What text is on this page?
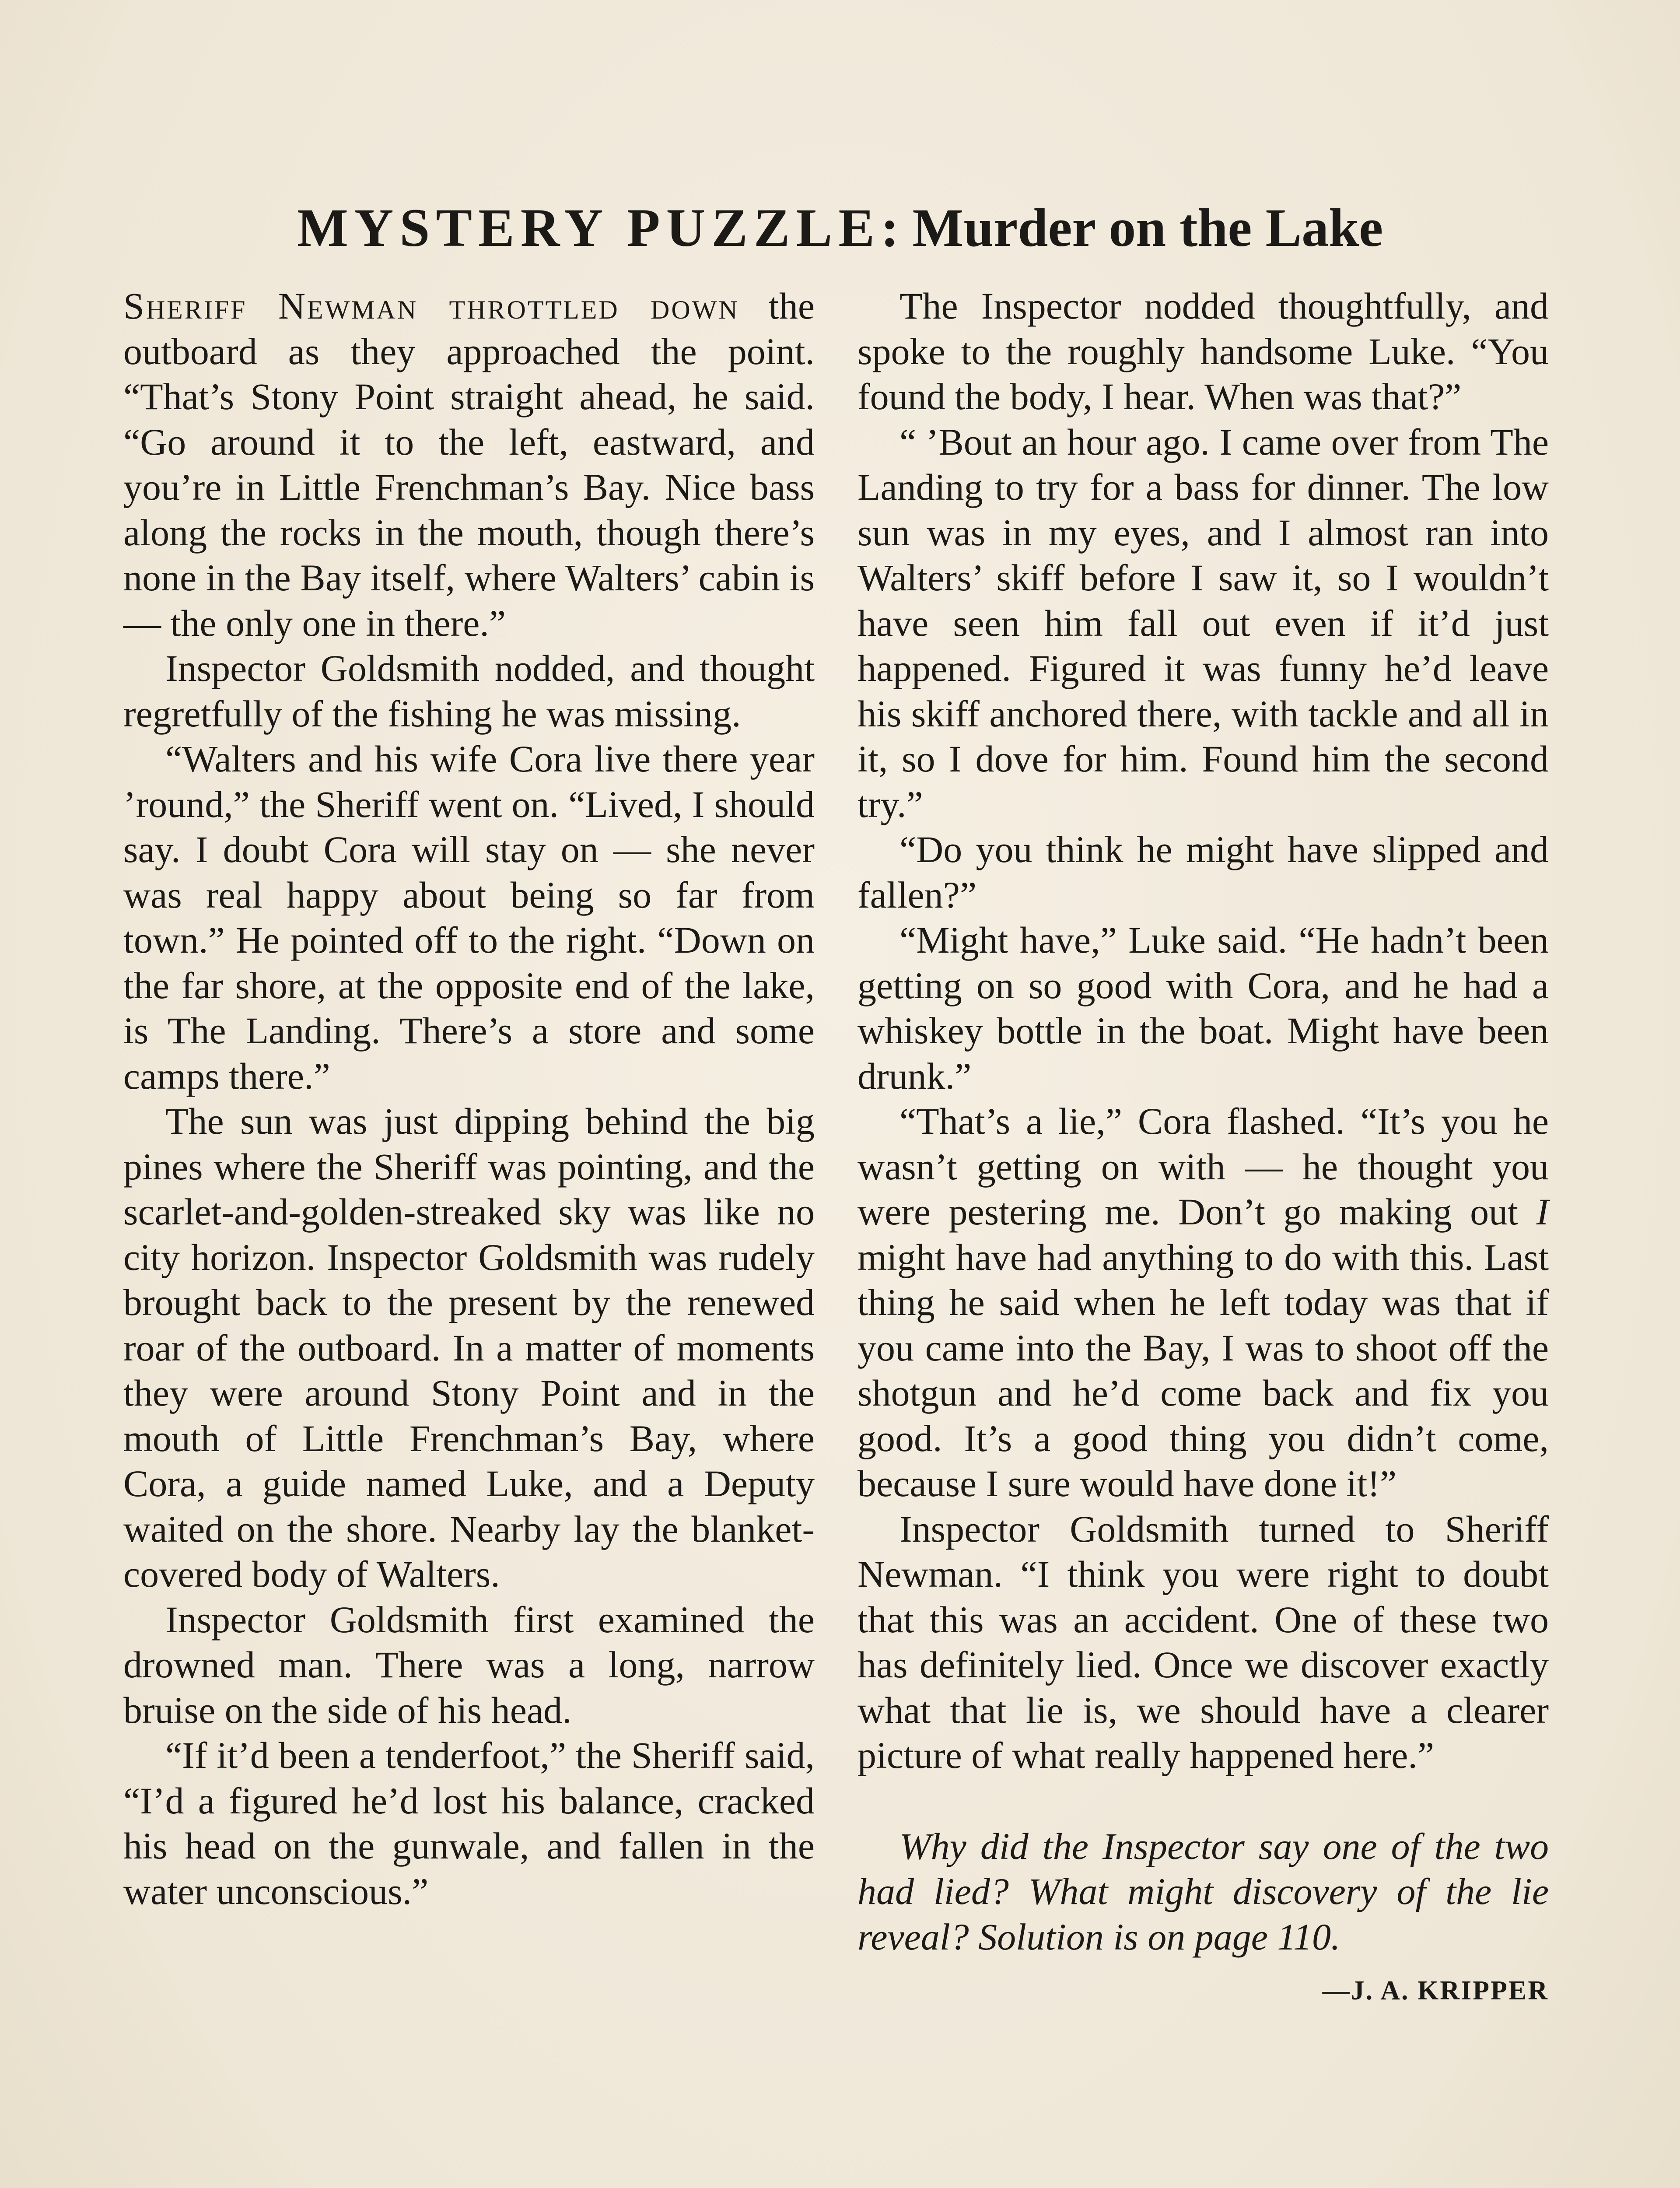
MYSTERY PUZZLE: Murder on the Lake

Sheriff Newman throttled down the outboard as they approached the point. “That’s Stony Point straight ahead, he said. “Go around it to the left, eastward, and you’re in Little Frenchman’s Bay. Nice bass along the rocks in the mouth, though there’s none in the Bay itself, where Walters’ cabin is — the only one in there.”

Inspector Goldsmith nodded, and thought regretfully of the fishing he was missing.

“Walters and his wife Cora live there year ’round,” the Sheriff went on. “Lived, I should say. I doubt Cora will stay on — she never was real happy about being so far from town.” He pointed off to the right. “Down on the far shore, at the opposite end of the lake, is The Landing. There’s a store and some camps there.”

The sun was just dipping behind the big pines where the Sheriff was pointing, and the scarlet-and-golden-streaked sky was like no city horizon. Inspector Goldsmith was rudely brought back to the present by the renewed roar of the outboard. In a matter of moments they were around Stony Point and in the mouth of Little Frenchman’s Bay, where Cora, a guide named Luke, and a Deputy waited on the shore. Nearby lay the blanket-covered body of Walters.

Inspector Goldsmith first examined the drowned man. There was a long, narrow bruise on the side of his head.

“If it’d been a tenderfoot,” the Sheriff said, “I’d a figured he’d lost his balance, cracked his head on the gunwale, and fallen in the water unconscious.”

The Inspector nodded thoughtfully, and spoke to the roughly handsome Luke. “You found the body, I hear. When was that?”

“ ’Bout an hour ago. I came over from The Landing to try for a bass for dinner. The low sun was in my eyes, and I almost ran into Walters’ skiff before I saw it, so I wouldn’t have seen him fall out even if it’d just happened. Figured it was funny he’d leave his skiff anchored there, with tackle and all in it, so I dove for him. Found him the second try.”

“Do you think he might have slipped and fallen?”

“Might have,” Luke said. “He hadn’t been getting on so good with Cora, and he had a whiskey bottle in the boat. Might have been drunk.”

“That’s a lie,” Cora flashed. “It’s you he wasn’t getting on with — he thought you were pestering me. Don’t go making out I might have had anything to do with this. Last thing he said when he left today was that if you came into the Bay, I was to shoot off the shotgun and he’d come back and fix you good. It’s a good thing you didn’t come, because I sure would have done it!”

Inspector Goldsmith turned to Sheriff Newman. “I think you were right to doubt that this was an accident. One of these two has definitely lied. Once we discover exactly what that lie is, we should have a clearer picture of what really happened here.”

Why did the Inspector say one of the two had lied? What might discovery of the lie reveal? Solution is on page 110.

—J. A. KRIPPER
